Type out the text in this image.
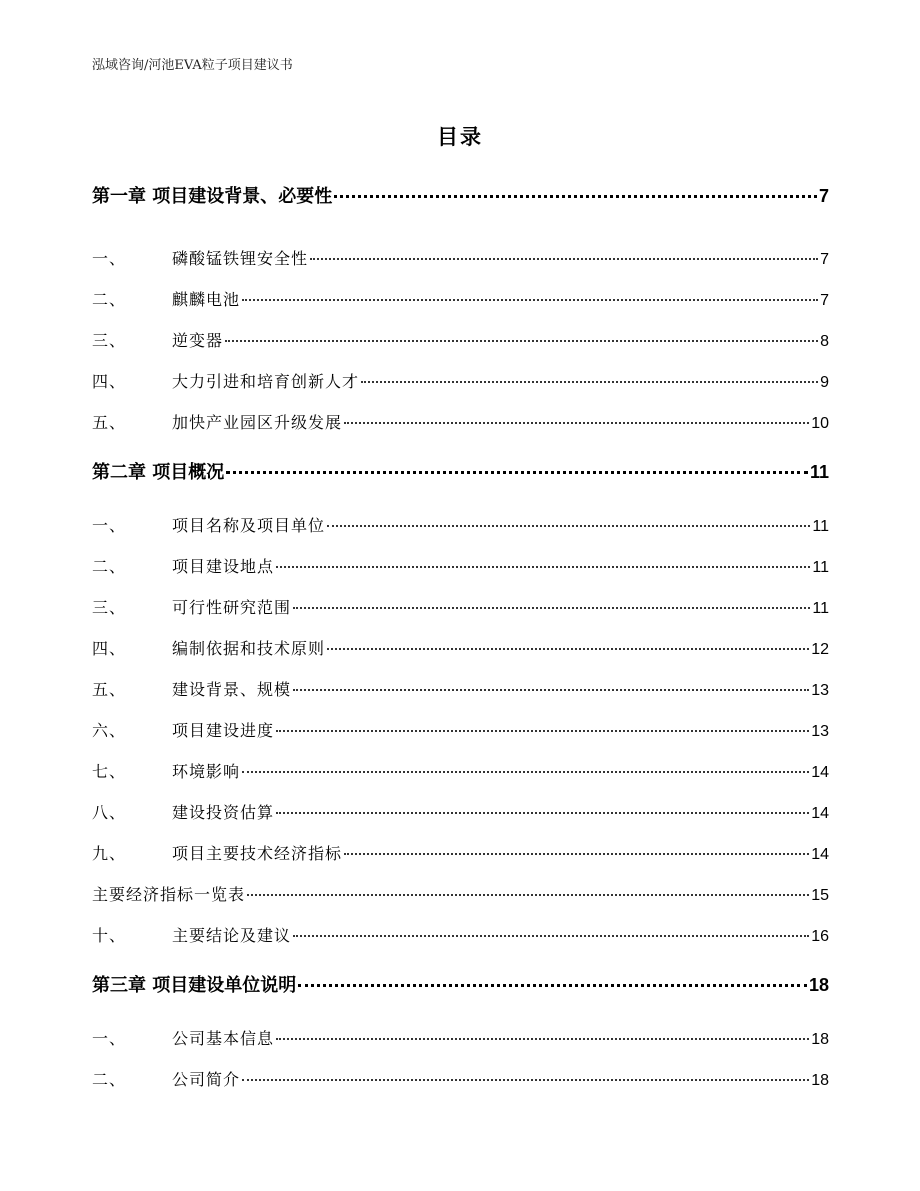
泓域咨询/河池EVA粒子项目建议书
目录
第一章 项目建设背景、必要性	7
一、	磷酸锰铁锂安全性	7
二、	麒麟电池	7
三、	逆变器	8
四、	大力引进和培育创新人才	9
五、	加快产业园区升级发展	10
第二章 项目概况	11
一、	项目名称及项目单位	11
二、	项目建设地点	11
三、	可行性研究范围	11
四、	编制依据和技术原则	12
五、	建设背景、规模	13
六、	项目建设进度	13
七、	环境影响	14
八、	建设投资估算	14
九、	项目主要技术经济指标	14
主要经济指标一览表	15
十、	主要结论及建议	16
第三章 项目建设单位说明	18
一、	公司基本信息	18
二、	公司简介	18
